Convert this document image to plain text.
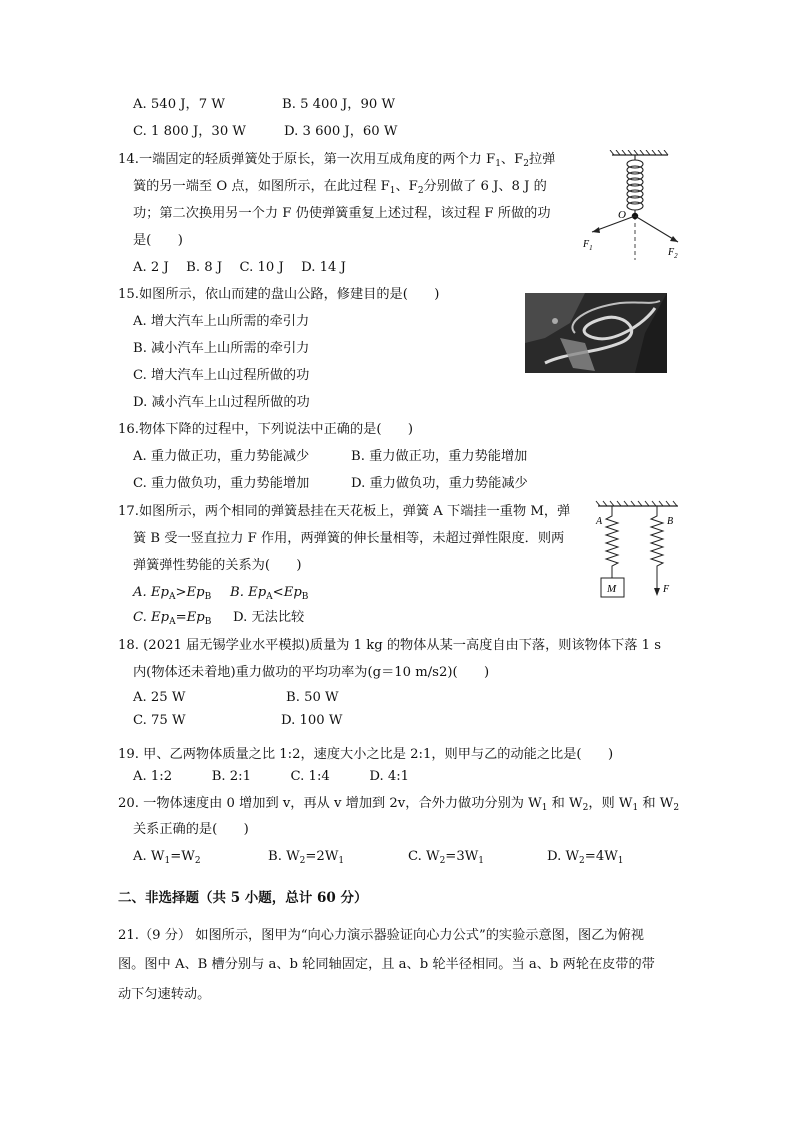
A. 540 J，7 W	B. 5 400 J，90 W
C. 1 800 J，30 W	D. 3 600 J，60 W
14.一端固定的轻质弹簧处于原长，第一次用互成角度的两个力 $F_1$、$F_2$拉弹
簧的另一端至 O 点，如图所示，在此过程 $F_1$、$F_2$分别做了 6 J、8 J 的
功；第二次换用另一个力 F 仍使弹簧重复上述过程，该过程 F 所做的功
是(　　)
A. 2 J　 B. 8 J　 C. 10 J　 D. 14 J
O
$F_1$	$F_2$
15.如图所示，依山而建的盘山公路，修建目的是(　　)
A. 增大汽车上山所需的牵引力
B. 减小汽车上山所需的牵引力
C. 增大汽车上山过程所做的功
D. 减小汽车上山过程所做的功
16.物体下降的过程中，下列说法中正确的是(　　)
A. 重力做正功，重力势能减少	B. 重力做正功，重力势能增加
C. 重力做负功，重力势能增加	D. 重力做负功，重力势能减少
17.如图所示，两个相同的弹簧悬挂在天花板上，弹簧 A 下端挂一重物 M，弹
簧 B 受一竖直拉力 F 作用，两弹簧的伸长量相等，未超过弹性限度．则两
弹簧弹性势能的关系为(　　)
A. $Ep_A>Ep_B$ B. $Ep_A<Ep_B$
C. $Ep_A=Ep_B$ D. 无法比较
M
A	B
F
18. (2021 届无锡学业水平模拟)质量为 1 kg 的物体从某一高度自由下落，则该物体下落 1 s
内(物体还未着地)重力做功的平均功率为(g＝10 m/s2)(　　)
A. 25 W	B. 50 W
C. 75 W	D. 100 W
19. 甲、乙两物体质量之比 1:2，速度大小之比是 2:1，则甲与乙的动能之比是(　　)
A. 1:2　　　B. 2:1　　　C. 1:4　　　D. 4:1
20. 一物体速度由 0 增加到 v，再从 v 增加到 2v，合外力做功分别为 $W_1$ 和 $W_2$，则 $W_1$ 和 $W_2$
关系正确的是(　　)
A. $W_1=W_2$	B. $W_2=2W_1$	C. $W_2=3W_1$	D. $W_2=4W_1$
二、非选择题（共 5 小题，总计 60 分）
21.（9 分） 如图所示，图甲为“向心力演示器验证向心力公式”的实验示意图，图乙为俯视
图。图中 A、B 槽分别与 a、b 轮同轴固定，且 a、b 轮半径相同。当 a、b 两轮在皮带的带
动下匀速转动。
